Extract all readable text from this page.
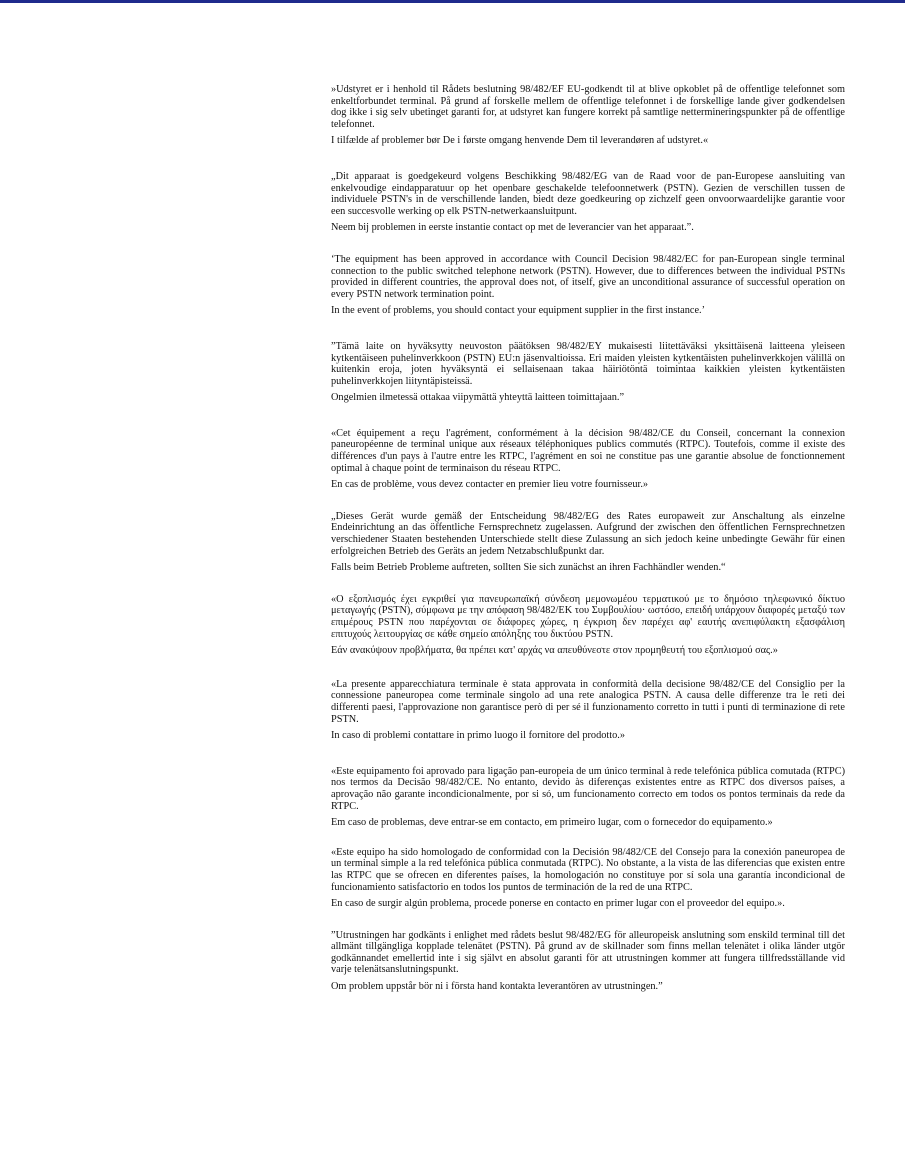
»Udstyret er i henhold til Rådets beslutning 98/482/EF EU-godkendt til at blive opkoblet på de offentlige telefonnet som enkeltforbundet terminal. På grund af forskelle mellem de offentlige telefonnet i de forskellige lande giver godkendelsen dog ikke i sig selv ubetinget garanti for, at udstyret kan fungere korrekt på samtlige nettermineringspunkter på de offentlige telefonnet.

I tilfælde af problemer bør De i første omgang henvende Dem til leverandøren af udstyret.«

„Dit apparaat is goedgekeurd volgens Beschikking 98/482/EG van de Raad voor de pan-Europese aansluiting van enkelvoudige eindapparatuur op het openbare geschakelde telefoonnetwerk (PSTN). Gezien de verschillen tussen de individuele PSTN's in de verschillende landen, biedt deze goedkeuring op zichzelf geen onvoorwaardelijke garantie voor een succesvolle werking op elk PSTN-netwerkaansluitpunt.

Neem bij problemen in eerste instantie contact op met de leverancier van het apparaat.”.

‘The equipment has been approved in accordance with Council Decision 98/482/EC for pan-European single terminal connection to the public switched telephone network (PSTN). However, due to differences between the individual PSTNs provided in different countries, the approval does not, of itself, give an unconditional assurance of successful operation on every PSTN network termination point.

In the event of problems, you should contact your equipment supplier in the first instance.’

”Tämä laite on hyväksytty neuvoston päätöksen 98/482/EY mukaisesti liitettäväksi yksittäisenä laitteena yleiseen kytkentäiseen puhelinverkkoon (PSTN) EU:n jäsenvaltioissa. Eri maiden yleisten kytkentäisten puhelinverkkojen välillä on kuitenkin eroja, joten hyväksyntä ei sellaisenaan takaa häiriötöntä toimintaa kaikkien yleisten kytkentäisten puhelinverkkojen liityntäpisteissä.

Ongelmien ilmetessä ottakaa viipymättä yhteyttä laitteen toimittajaan.”

«Cet équipement a reçu l'agrément, conformément à la décision 98/482/CE du Conseil, concernant la connexion paneuropéenne de terminal unique aux réseaux téléphoniques publics commutés (RTPC). Toutefois, comme il existe des différences d'un pays à l'autre entre les RTPC, l'agrément en soi ne constitue pas une garantie absolue de fonctionnement optimal à chaque point de terminaison du réseau RTPC.

En cas de problème, vous devez contacter en premier lieu votre fournisseur.»

„Dieses Gerät wurde gemäß der Entscheidung 98/482/EG des Rates europaweit zur Anschaltung als einzelne Endeinrichtung an das öffentliche Fernsprechnetz zugelassen. Aufgrund der zwischen den öffentlichen Fernsprechnetzen verschiedener Staaten bestehenden Unterschiede stellt diese Zulassung an sich jedoch keine unbedingte Gewähr für einen erfolgreichen Betrieb des Geräts an jedem Netzabschlußpunkt dar.

Falls beim Betrieb Probleme auftreten, sollten Sie sich zunächst an ihren Fachhändler wenden.“

«Ο εξοπλισμός έχει εγκριθεί για πανευρωπαϊκή σύνδεση μεμονωμέου τερματικού με το δημόσιο τηλεφωνικό δίκτυο μεταγωγής (PSTN), σύμφωνα με την απόφαση 98/482/ΕΚ του Συμβουλίου· ωστόσο, επειδή υπάρχουν διαφορές μεταξύ των επιμέρους PSTN που παρέχονται σε διάφορες χώρες, η έγκριση δεν παρέχει αφ' εαυτής ανεπιφύλακτη εξασφάλιση επιτυχούς λειτουργίας σε κάθε σημείο απόληξης του δικτύου PSTN.

Εάν ανακύψουν προβλήματα, θα πρέπει κατ' αρχάς να απευθύνεστε στον προμηθευτή του εξοπλισμού σας.»

«La presente apparecchiatura terminale è stata approvata in conformità della decisione 98/482/CE del Consiglio per la connessione paneuropea come terminale singolo ad una rete analogica PSTN. A causa delle differenze tra le reti dei differenti paesi, l'approvazione non garantisce però di per sé il funzionamento corretto in tutti i punti di terminazione di rete PSTN.

In caso di problemi contattare in primo luogo il fornitore del prodotto.»

«Este equipamento foi aprovado para ligação pan-europeia de um único terminal à rede telefónica pública comutada (RTPC) nos termos da Decisão 98/482/CE. No entanto, devido às diferenças existentes entre as RTPC dos diversos países, a aprovação não garante incondicionalmente, por si só, um funcionamento correcto em todos os pontos terminais da rede da RTPC.

Em caso de problemas, deve entrar-se em contacto, em primeiro lugar, com o fornecedor do equipamento.»

«Este equipo ha sido homologado de conformidad con la Decisión 98/482/CE del Consejo para la conexión paneuropea de un terminal simple a la red telefónica pública conmutada (RTPC). No obstante, a la vista de las diferencias que existen entre las RTPC que se ofrecen en diferentes países, la homologación no constituye por sí sola una garantía incondicional de funcionamiento satisfactorio en todos los puntos de terminación de la red de una RTPC.

En caso de surgir algún problema, procede ponerse en contacto en primer lugar con el proveedor del equipo.».

”Utrustningen har godkänts i enlighet med rådets beslut 98/482/EG för alleuropeisk anslutning som enskild terminal till det allmänt tillgängliga kopplade telenätet (PSTN). På grund av de skillnader som finns mellan telenätet i olika länder utgör godkännandet emellertid inte i sig självt en absolut garanti för att utrustningen kommer att fungera tillfredsställande vid varje telenätsanslutningspunkt.

Om problem uppstår bör ni i första hand kontakta leverantören av utrustningen.”
